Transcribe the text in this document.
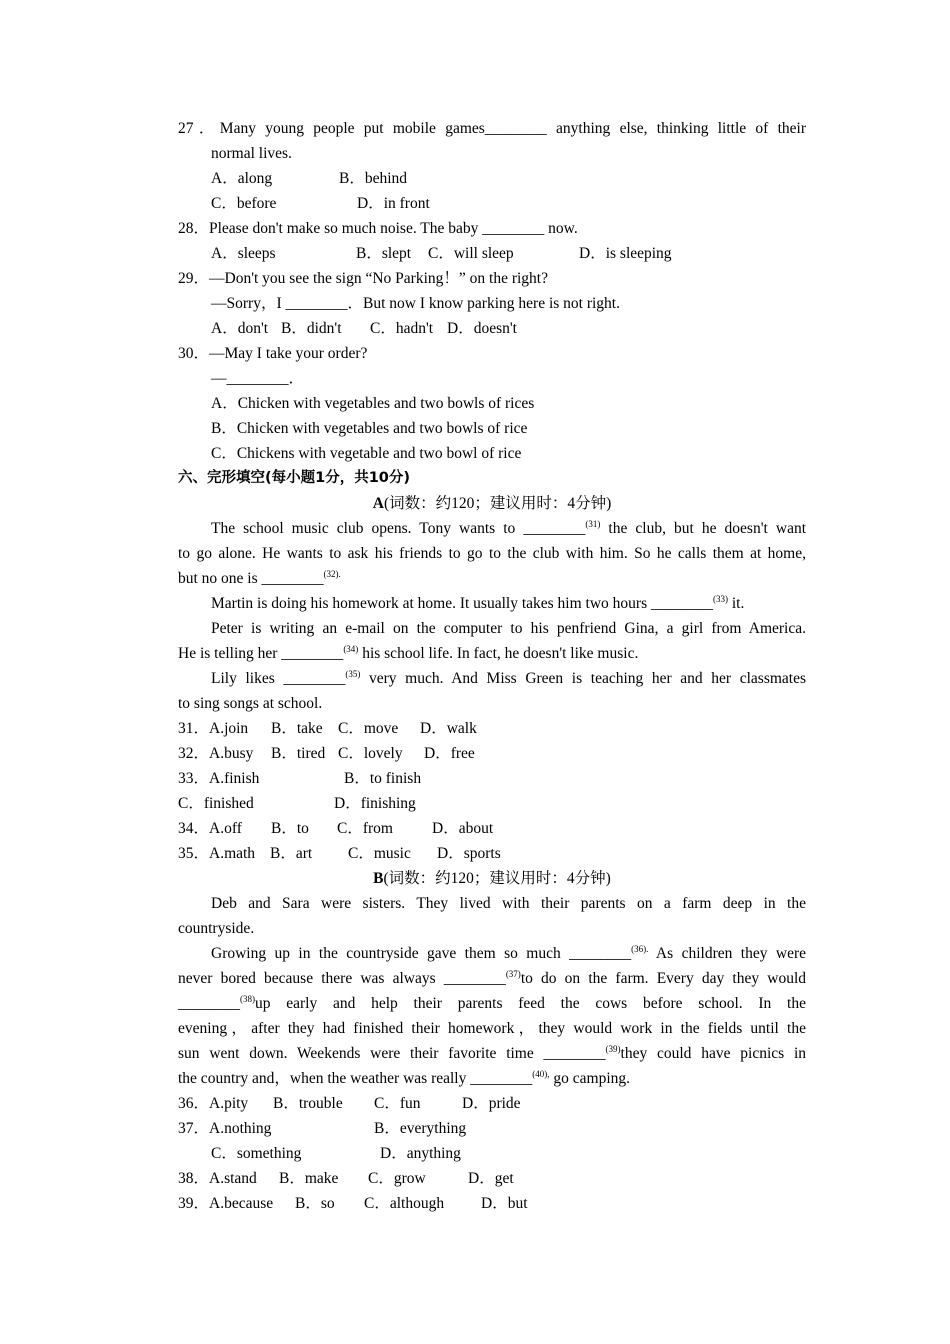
27．Many young people put mobile games________ anything else, thinking little of their
normal lives.
A．along	B．behind
C．before	D．in front
28．Please don't make so much noise. The baby ________ now.
A．sleeps	B．slept C．will sleep	D．is sleeping
29．—Don't you see the sign “No Parking！” on the right?
—Sorry，I ________．But now I know parking here is not right.
A．don't B．didn't C．hadn't D．doesn't
30．—May I take your order?
—________．
A．Chicken with vegetables and two bowls of rices
B．Chicken with vegetables and two bowls of rice
C．Chickens with vegetable and two bowl of rice
六、完形填空(每小题1分，共10分)
A(词数：约120；建议用时：4分钟)
The school music club opens. Tony wants to ________$^{(31)}$ the club, but he doesn't want
to go alone. He wants to ask his friends to go to the club with him. So he calls them at home,
but no one is ________$^{(32).}$
Martin is doing his homework at home. It usually takes him two hours ________$^{(33)}$ it.
Peter is writing an e-mail on the computer to his penfriend Gina, a girl from America.
He is telling her ________$^{(34)}$ his school life. In fact, he doesn't like music.
Lily likes ________$^{(35)}$ very much. And Miss Green is teaching her and her classmates
to sing songs at school.
31．A.join B．take C．move D．walk
32．A.busy B．tired C．lovely D．free
33．A.finish	B．to finish
C．finished	D．finishing
34．A.off B．to C．from	D．about
35．A.math B．art C．music D．sports
B(词数：约120；建议用时：4分钟)
Deb and Sara were sisters. They lived with their parents on a farm deep in the
countryside.
Growing up in the countryside gave them so much ________$^{(36).}$ As children they were
never bored because there was always ________$^{(37)}$to do on the farm. Every day they would
________$^{(38)}$up early and help their parents feed the cows before school. In the
evening，after they had finished their homework，they would work in the fields until the
sun went down. Weekends were their favorite time ________$^{(39)}$they could have picnics in
the country and，when the weather was really ________$^{(40),}$ go camping.
36．A.pity B．trouble C．fun	D．pride
37．A.nothing	B．everything
C．something	D．anything
38．A.stand B．make C．grow	D．get
39．A.because B．so C．although D．but
